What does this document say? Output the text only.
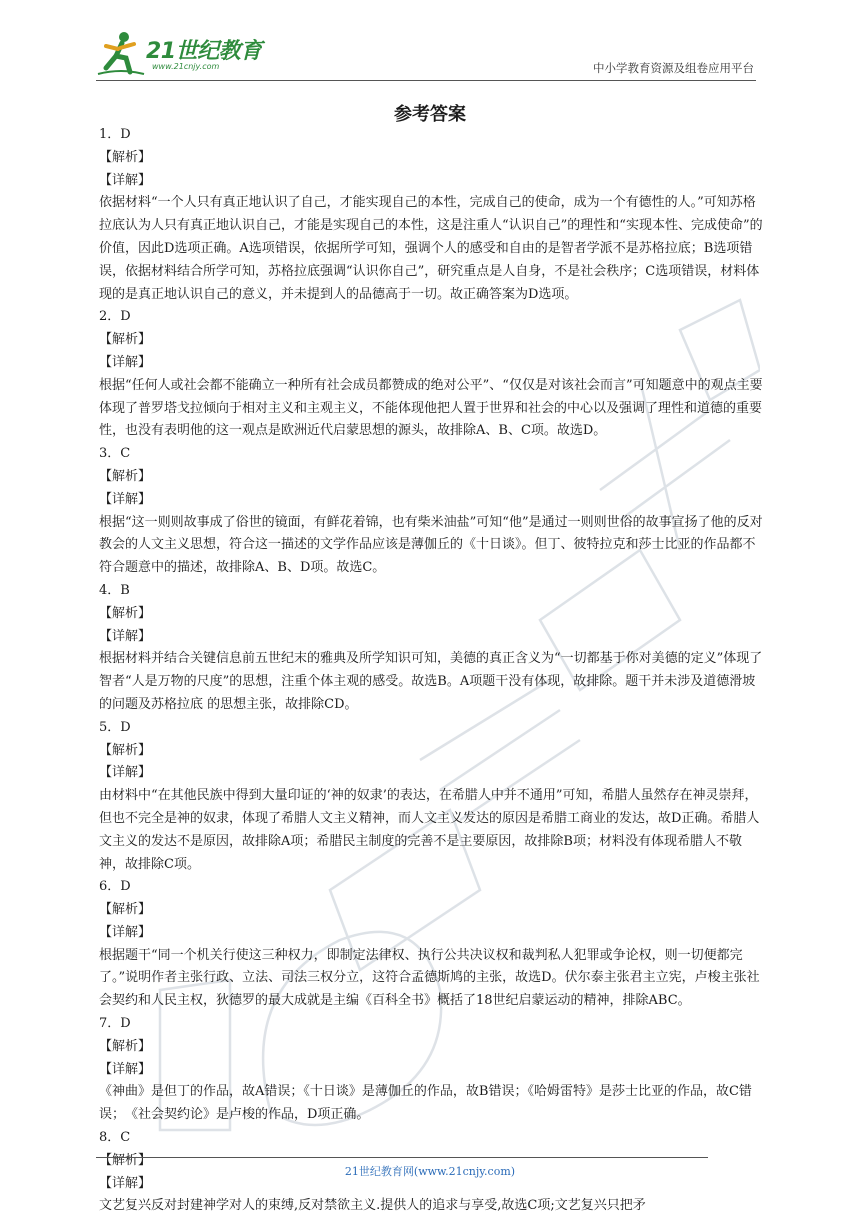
21世纪教育
www.21cnjy.com	中小学教育资源及组卷应用平台
参考答案

1．D

【解析】

【详解】

依据材料“一个人只有真正地认识了自己，才能实现自己的本性，完成自己的使命，成为一个有德性的人。”可知苏格拉底认为人只有真正地认识自己，才能是实现自己的本性，这是注重人“认识自己”的理性和“实现本性、完成使命”的价值，因此D选项正确。A选项错误，依据所学可知，强调个人的感受和自由的是智者学派不是苏格拉底；B选项错误，依据材料结合所学可知，苏格拉底强调“认识你自己”，研究重点是人自身，不是社会秩序；C选项错误，材料体现的是真正地认识自己的意义，并未提到人的品德高于一切。故正确答案为D选项。

2．D

【解析】

【详解】

根据“任何人或社会都不能确立一种所有社会成员都赞成的绝对公平”、“仅仅是对该社会而言”可知题意中的观点主要体现了普罗塔戈拉倾向于相对主义和主观主义，不能体现他把人置于世界和社会的中心以及强调了理性和道德的重要性，也没有表明他的这一观点是欧洲近代启蒙思想的源头，故排除A、B、C项。故选D。

3．C

【解析】

【详解】

根据“这一则则故事成了俗世的镜面，有鲜花着锦，也有柴米油盐”可知“他”是通过一则则世俗的故事宣扬了他的反对教会的人文主义思想，符合这一描述的文学作品应该是薄伽丘的《十日谈》。但丁、彼特拉克和莎士比亚的作品都不符合题意中的描述，故排除A、B、D项。故选C。

4．B

【解析】

【详解】

根据材料并结合关键信息前五世纪末的雅典及所学知识可知，美德的真正含义为“一切都基于你对美德的定义”体现了智者“人是万物的尺度”的思想，注重个体主观的感受。故选B。A项题干没有体现，故排除。题干并未涉及道德滑坡的问题及苏格拉底 的思想主张，故排除CD。

5．D

【解析】

【详解】

由材料中“在其他民族中得到大量印证的‘神的奴隶’的表达，在希腊人中并不通用”可知，希腊人虽然存在神灵崇拜，但也不完全是神的奴隶，体现了希腊人文主义精神，而人文主义发达的原因是希腊工商业的发达，故D正确。希腊人文主义的发达不是原因，故排除A项；希腊民主制度的完善不是主要原因，故排除B项；材料没有体现希腊人不敬神，故排除C项。

6．D

【解析】

【详解】

根据题干“同一个机关行使这三种权力，即制定法律权、执行公共决议权和裁判私人犯罪或争论权，则一切便都完了。”说明作者主张行政、立法、司法三权分立，这符合孟德斯鸠的主张，故选D。伏尔泰主张君主立宪，卢梭主张社会契约和人民主权，狄德罗的最大成就是主编《百科全书》概括了18世纪启蒙运动的精神，排除ABC。

7．D

【解析】

【详解】

《神曲》是但丁的作品，故A错误；《十日谈》是薄伽丘的作品，故B错误；《哈姆雷特》是莎士比亚的作品，故C错误；　《社会契约论》是卢梭的作品，D项正确。

8．C

【解析】

【详解】

文艺复兴反对封建神学对人的束缚,反对禁欲主义.提供人的追求与享受,故选C项;文艺复兴只把矛

21世纪教育网(www.21cnjy.com)
